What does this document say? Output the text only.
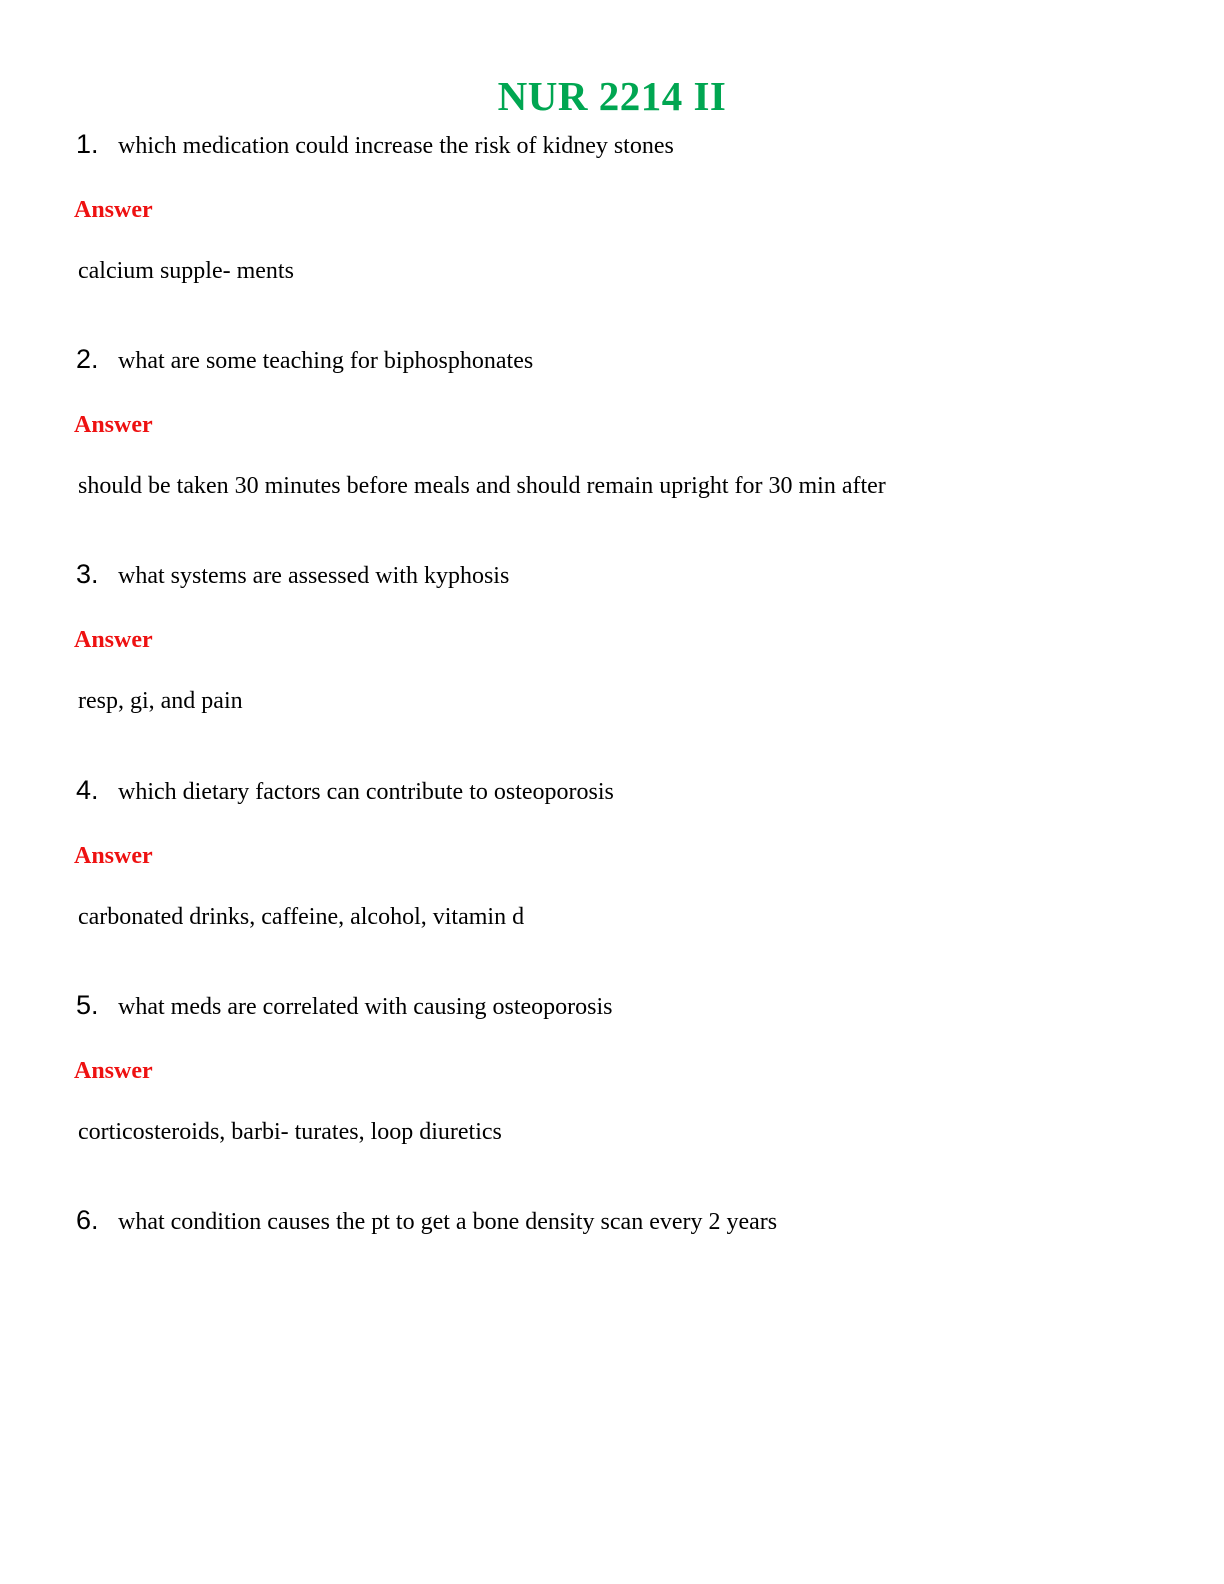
NUR 2214 II
1. which medication could increase the risk of kidney stones
Answer
calcium supple- ments
2. what are some teaching for biphosphonates
Answer
should be taken 30 minutes before meals and should remain upright for 30 min after
3. what systems are assessed with kyphosis
Answer
resp, gi, and pain
4. which dietary factors can contribute to osteoporosis
Answer
carbonated drinks, caffeine, alcohol, vitamin d
5. what meds are correlated with causing osteoporosis
Answer
corticosteroids, barbi- turates, loop diuretics
6. what condition causes the pt to get a bone density scan every 2 years
